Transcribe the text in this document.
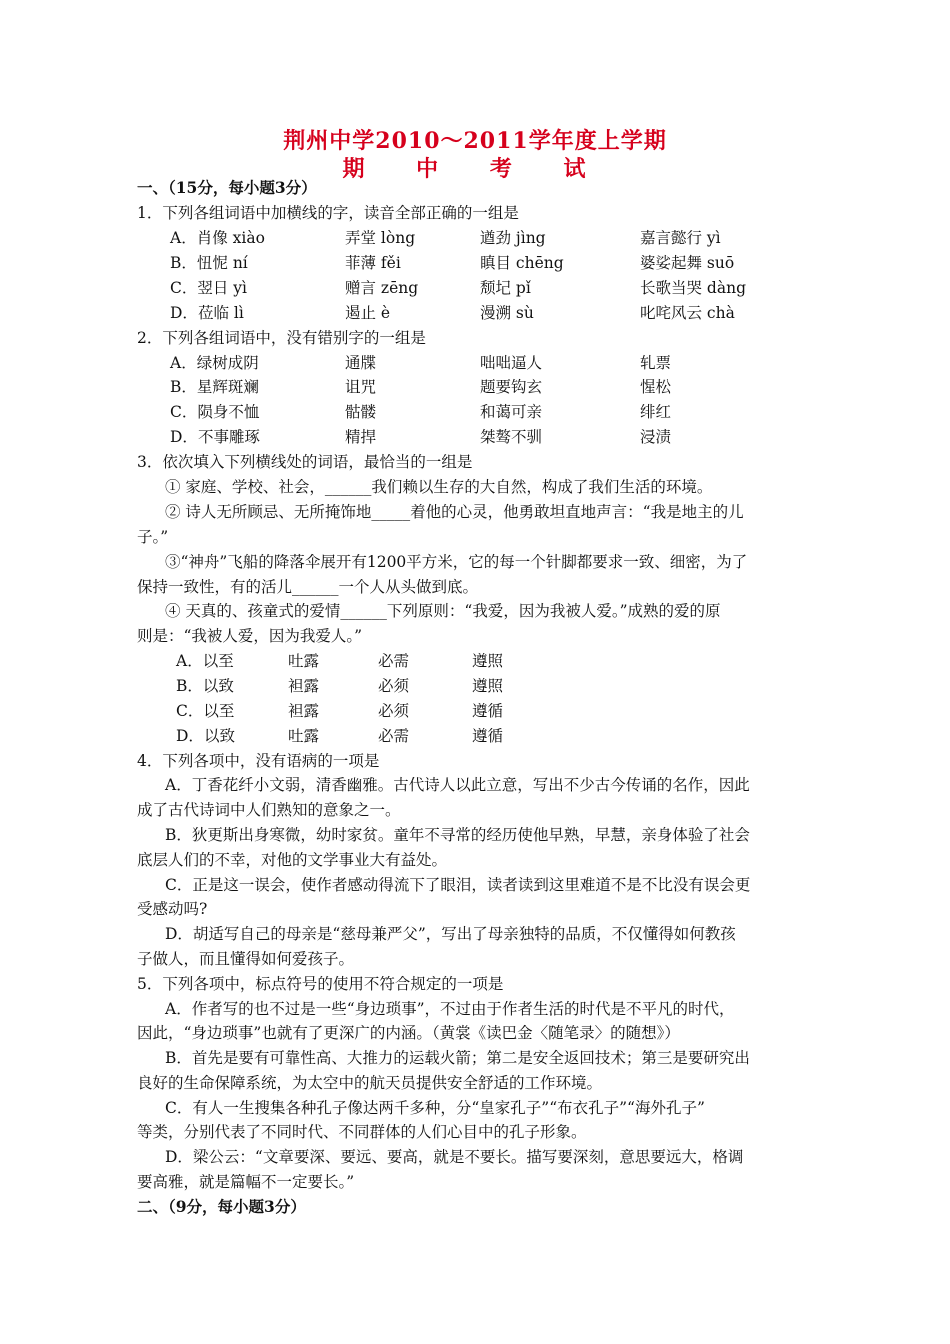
荆州中学2010～2011学年度上学期
期 中 考 试
一、（15分，每小题3分）
1．下列各组词语中加横线的字，读音全部正确的一组是
A．肖像 xiào	弄堂 lòng	遒劲 jìng	嘉言懿行 yì
B．忸怩 ní	菲薄 fěi	瞋目 chēng	婆娑起舞 suō
C．翌日 yì	赠言 zēng	颓圮 pǐ	长歌当哭 dàng
D．莅临 lì	遏止 è	漫溯 sù	叱咤风云 chà
2．下列各组词语中，没有错别字的一组是
A．绿树成阴	通牒	咄咄逼人	轧票
B．星辉斑斓	诅咒	题要钩玄	惺松
C．陨身不恤	骷髅	和蔼可亲	绯红
D．不事雕琢	精捍	桀骜不驯	浸渍
3．依次填入下列横线处的词语，最恰当的一组是
① 家庭、学校、社会，______我们赖以生存的大自然，构成了我们生活的环境。
② 诗人无所顾忌、无所掩饰地_____着他的心灵，他勇敢坦直地声言：“我是地主的儿
子。”
③“神舟”飞船的降落伞展开有1200平方米，它的每一个针脚都要求一致、细密，为了
保持一致性，有的活儿______一个人从头做到底。
④ 天真的、孩童式的爱情______下列原则：“我爱，因为我被人爱。”成熟的爱的原
则是：“我被人爱，因为我爱人。”
A．以至	吐露	必需	遵照
B．以致	袒露	必须	遵照
C．以至	袒露	必须	遵循
D．以致	吐露	必需	遵循
4．下列各项中，没有语病的一项是
A．丁香花纤小文弱，清香幽雅。古代诗人以此立意，写出不少古今传诵的名作，因此
成了古代诗词中人们熟知的意象之一。
B．狄更斯出身寒微，幼时家贫。童年不寻常的经历使他早熟，早慧，亲身体验了社会
底层人们的不幸，对他的文学事业大有益处。
C．正是这一误会，使作者感动得流下了眼泪，读者读到这里难道不是不比没有误会更
受感动吗?
D．胡适写自己的母亲是“慈母兼严父”，写出了母亲独特的品质，不仅懂得如何教孩
子做人，而且懂得如何爱孩子。
5．下列各项中，标点符号的使用不符合规定的一项是
A．作者写的也不过是一些“身边琐事”，不过由于作者生活的时代是不平凡的时代，
因此，“身边琐事”也就有了更深广的内涵。（黄裳《读巴金〈随笔录〉的随想》）
B．首先是要有可靠性高、大推力的运载火箭；第二是安全返回技术；第三是要研究出
良好的生命保障系统，为太空中的航天员提供安全舒适的工作环境。
C．有人一生搜集各种孔子像达两千多种，分“皇家孔子”“布衣孔子”“海外孔子”
等类，分别代表了不同时代、不同群体的人们心目中的孔子形象。
D．梁公云：“文章要深、要远、要高，就是不要长。描写要深刻，意思要远大，格调
要高雅，就是篇幅不一定要长。”
二、（9分，每小题3分）
